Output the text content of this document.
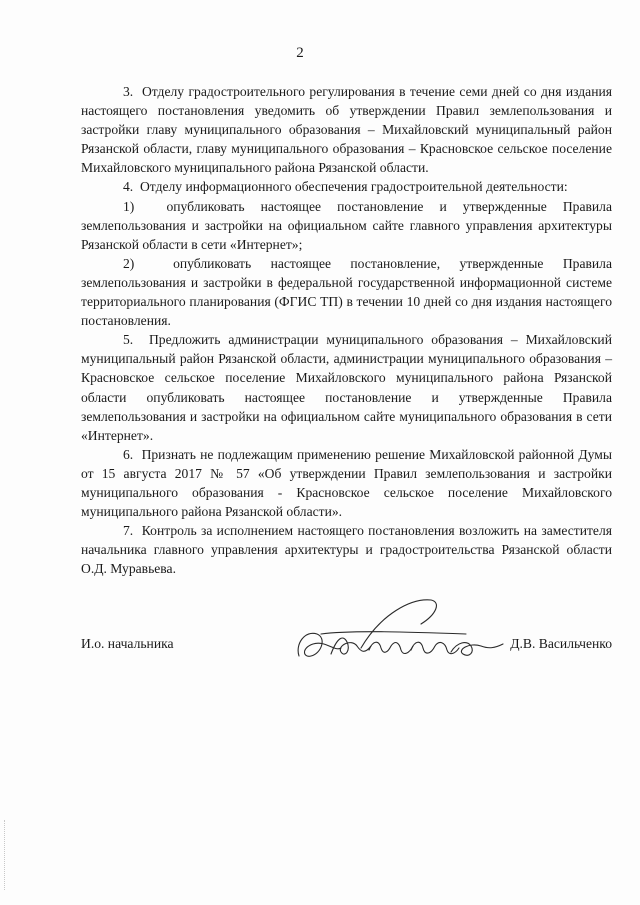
2

3.  Отделу градостроительного регулирования в течение семи дней со дня издания настоящего постановления уведомить об утверждении Правил землепользования и застройки главу муниципального образования – Михайловский муниципальный район Рязанской области, главу муниципального образования – Красновское сельское поселение Михайловского муниципального района Рязанской области.

4.  Отделу информационного обеспечения градостроительной деятельности:

1)  опубликовать настоящее постановление и утвержденные Правила землепользования и застройки на официальном сайте главного управления архитектуры Рязанской области в сети «Интернет»;

2)  опубликовать настоящее постановление, утвержденные Правила землепользования и застройки в федеральной государственной информационной системе территориального планирования (ФГИС ТП) в течении 10 дней со дня издания настоящего постановления.

5.  Предложить администрации муниципального образования – Михайловский муниципальный район Рязанской области, администрации муниципального образования – Красновское сельское поселение Михайловского муниципального района Рязанской области опубликовать настоящее постановление и утвержденные Правила землепользования и застройки на официальном сайте муниципального образования в сети «Интернет».

6.  Признать не подлежащим применению решение Михайловской районной Думы от 15 августа 2017 № 57 «Об утверждении Правил землепользования и застройки муниципального образования - Красновское сельское поселение Михайловского муниципального района Рязанской области».

7.  Контроль за исполнением настоящего постановления возложить на заместителя начальника главного управления архитектуры и градостроительства Рязанской области О.Д. Муравьева.

И.о. начальника	Д.В. Васильченко
